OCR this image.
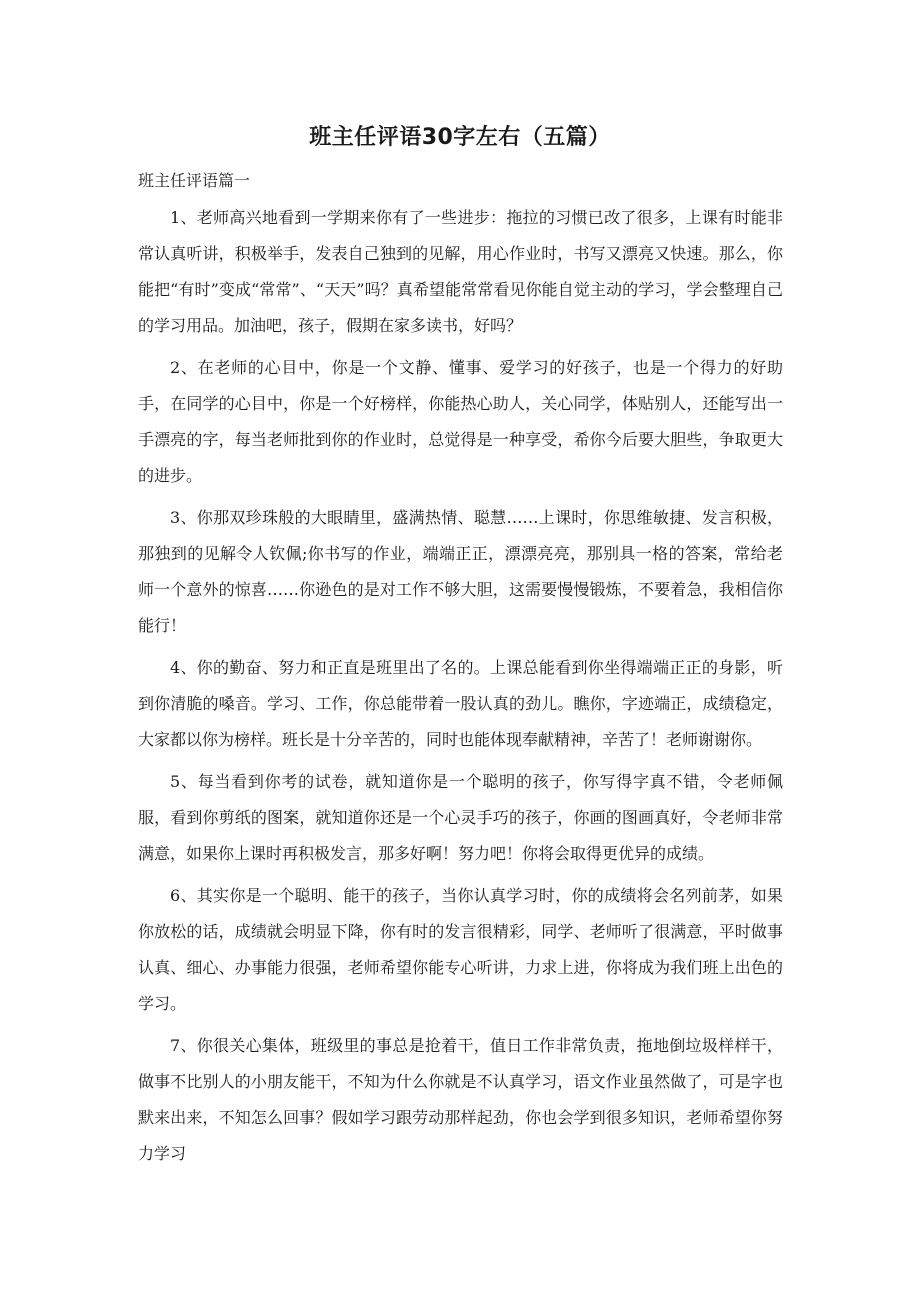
班主任评语30字左右（五篇）

班主任评语篇一

1、老师高兴地看到一学期来你有了一些进步：拖拉的习惯已改了很多，上课有时能非常认真听讲，积极举手，发表自己独到的见解，用心作业时，书写又漂亮又快速。那么，你能把“有时”变成“常常”、“天天”吗？真希望能常常看见你能自觉主动的学习，学会整理自己的学习用品。加油吧，孩子，假期在家多读书，好吗？

2、在老师的心目中，你是一个文静、懂事、爱学习的好孩子，也是一个得力的好助手，在同学的心目中，你是一个好榜样，你能热心助人，关心同学，体贴别人，还能写出一手漂亮的字，每当老师批到你的作业时，总觉得是一种享受，希你今后要大胆些，争取更大的进步。

3、你那双珍珠般的大眼睛里，盛满热情、聪慧……上课时，你思维敏捷、发言积极，那独到的见解令人钦佩;你书写的作业，端端正正，漂漂亮亮，那别具一格的答案，常给老师一个意外的惊喜……你逊色的是对工作不够大胆，这需要慢慢锻炼，不要着急，我相信你能行！

4、你的勤奋、努力和正直是班里出了名的。上课总能看到你坐得端端正正的身影，听到你清脆的嗓音。学习、工作，你总能带着一股认真的劲儿。瞧你，字迹端正，成绩稳定，大家都以你为榜样。班长是十分辛苦的，同时也能体现奉献精神，辛苦了！老师谢谢你。

5、每当看到你考的试卷，就知道你是一个聪明的孩子，你写得字真不错，令老师佩服，看到你剪纸的图案，就知道你还是一个心灵手巧的孩子，你画的图画真好，令老师非常满意，如果你上课时再积极发言，那多好啊！努力吧！你将会取得更优异的成绩。

6、其实你是一个聪明、能干的孩子，当你认真学习时，你的成绩将会名列前茅，如果你放松的话，成绩就会明显下降，你有时的发言很精彩，同学、老师听了很满意，平时做事认真、细心、办事能力很强，老师希望你能专心听讲，力求上进，你将成为我们班上出色的学习。

7、你很关心集体，班级里的事总是抢着干，值日工作非常负责，拖地倒垃圾样样干，做事不比别人的小朋友能干，不知为什么你就是不认真学习，语文作业虽然做了，可是字也默来出来，不知怎么回事？假如学习跟劳动那样起劲，你也会学到很多知识，老师希望你努力学习
